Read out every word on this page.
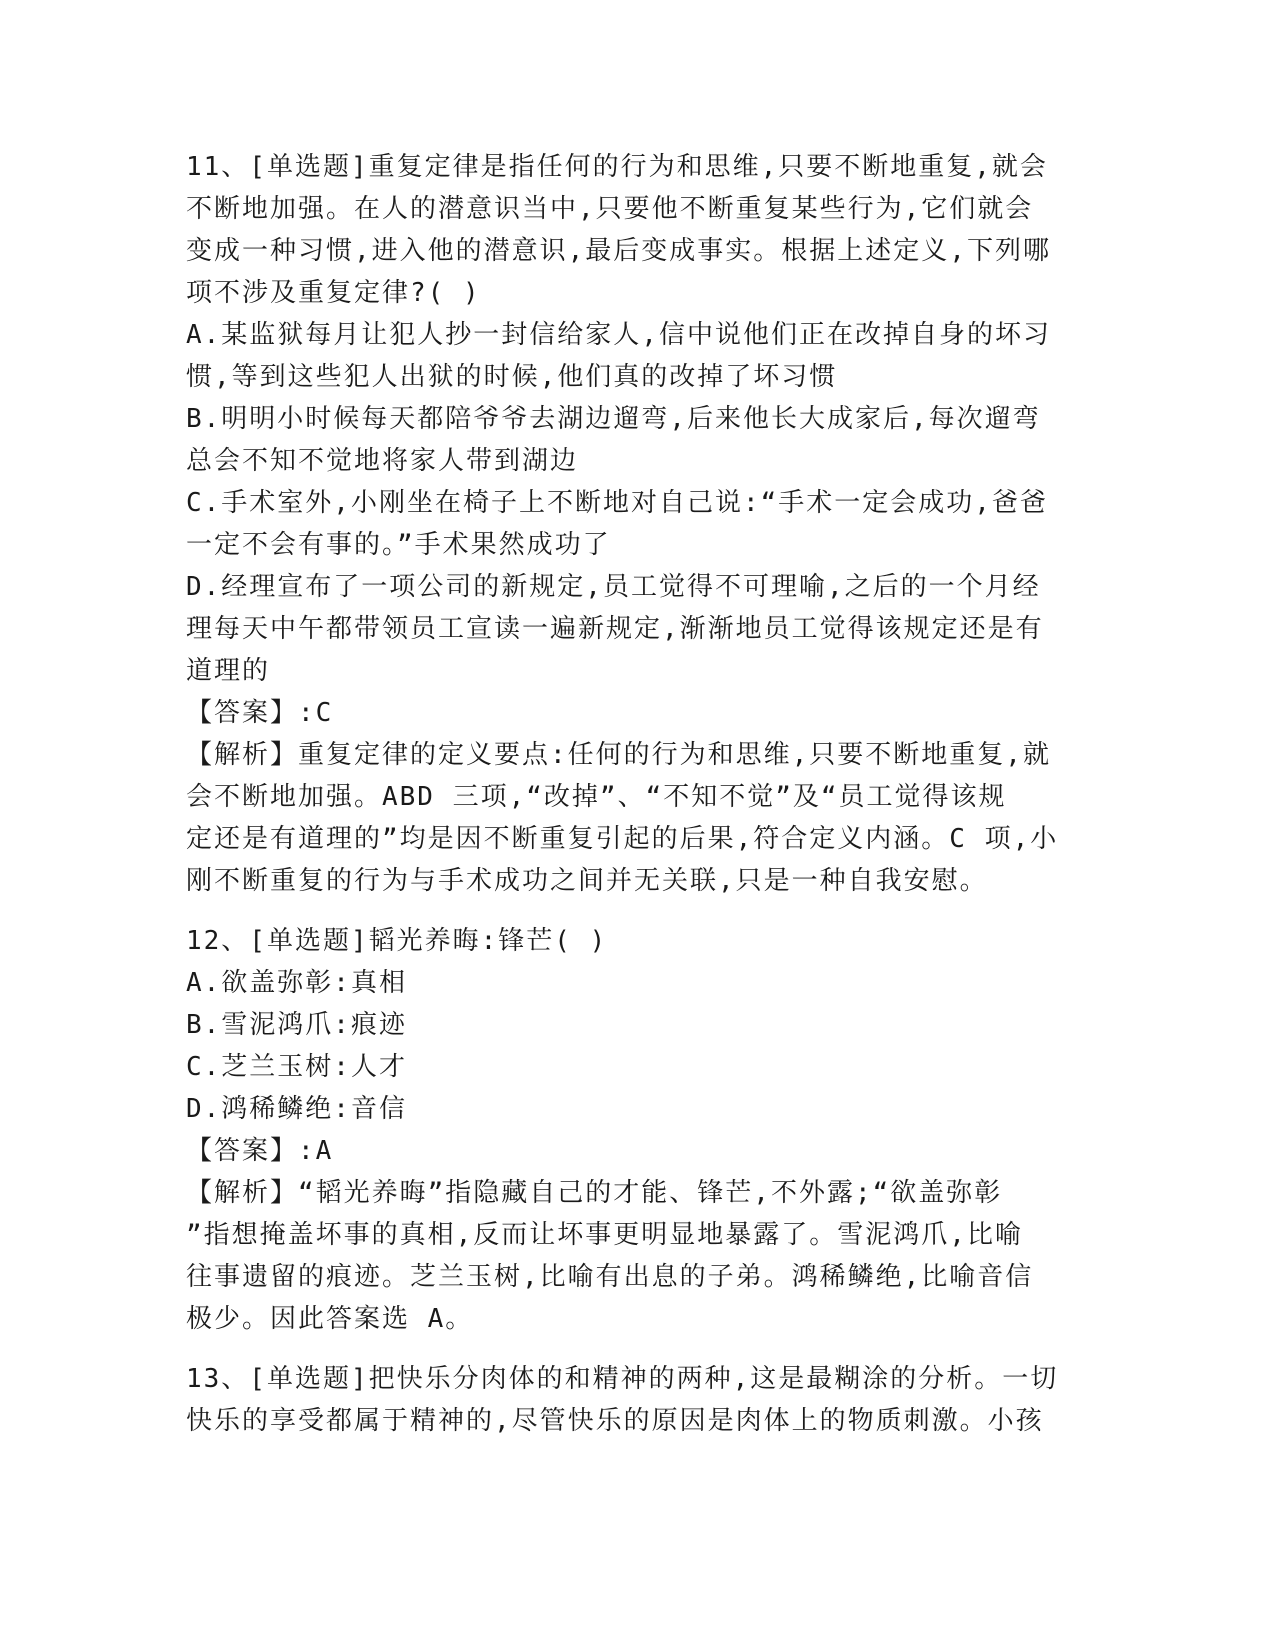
11、[单选题]重复定律是指任何的行为和思维,只要不断地重复,就会
不断地加强。在人的潜意识当中,只要他不断重复某些行为,它们就会
变成一种习惯,进入他的潜意识,最后变成事实。根据上述定义,下列哪
项不涉及重复定律?( )
A.某监狱每月让犯人抄一封信给家人,信中说他们正在改掉自身的坏习
惯,等到这些犯人出狱的时候,他们真的改掉了坏习惯
B.明明小时候每天都陪爷爷去湖边遛弯,后来他长大成家后,每次遛弯
总会不知不觉地将家人带到湖边
C.手术室外,小刚坐在椅子上不断地对自己说:“手术一定会成功,爸爸
一定不会有事的。”手术果然成功了
D.经理宣布了一项公司的新规定,员工觉得不可理喻,之后的一个月经
理每天中午都带领员工宣读一遍新规定,渐渐地员工觉得该规定还是有
道理的
【答案】:C
【解析】重复定律的定义要点:任何的行为和思维,只要不断地重复,就
会不断地加强。ABD 三项,“改掉”、“不知不觉”及“员工觉得该规
定还是有道理的”均是因不断重复引起的后果,符合定义内涵。C 项,小
刚不断重复的行为与手术成功之间并无关联,只是一种自我安慰。
12、[单选题]韬光养晦:锋芒( )
A.欲盖弥彰:真相
B.雪泥鸿爪:痕迹
C.芝兰玉树:人才
D.鸿稀鳞绝:音信
【答案】:A
【解析】“韬光养晦”指隐藏自己的才能、锋芒,不外露;“欲盖弥彰
”指想掩盖坏事的真相,反而让坏事更明显地暴露了。雪泥鸿爪,比喻
往事遗留的痕迹。芝兰玉树,比喻有出息的子弟。鸿稀鳞绝,比喻音信
极少。因此答案选 A。
13、[单选题]把快乐分肉体的和精神的两种,这是最糊涂的分析。一切
快乐的享受都属于精神的,尽管快乐的原因是肉体上的物质刺激。小孩
